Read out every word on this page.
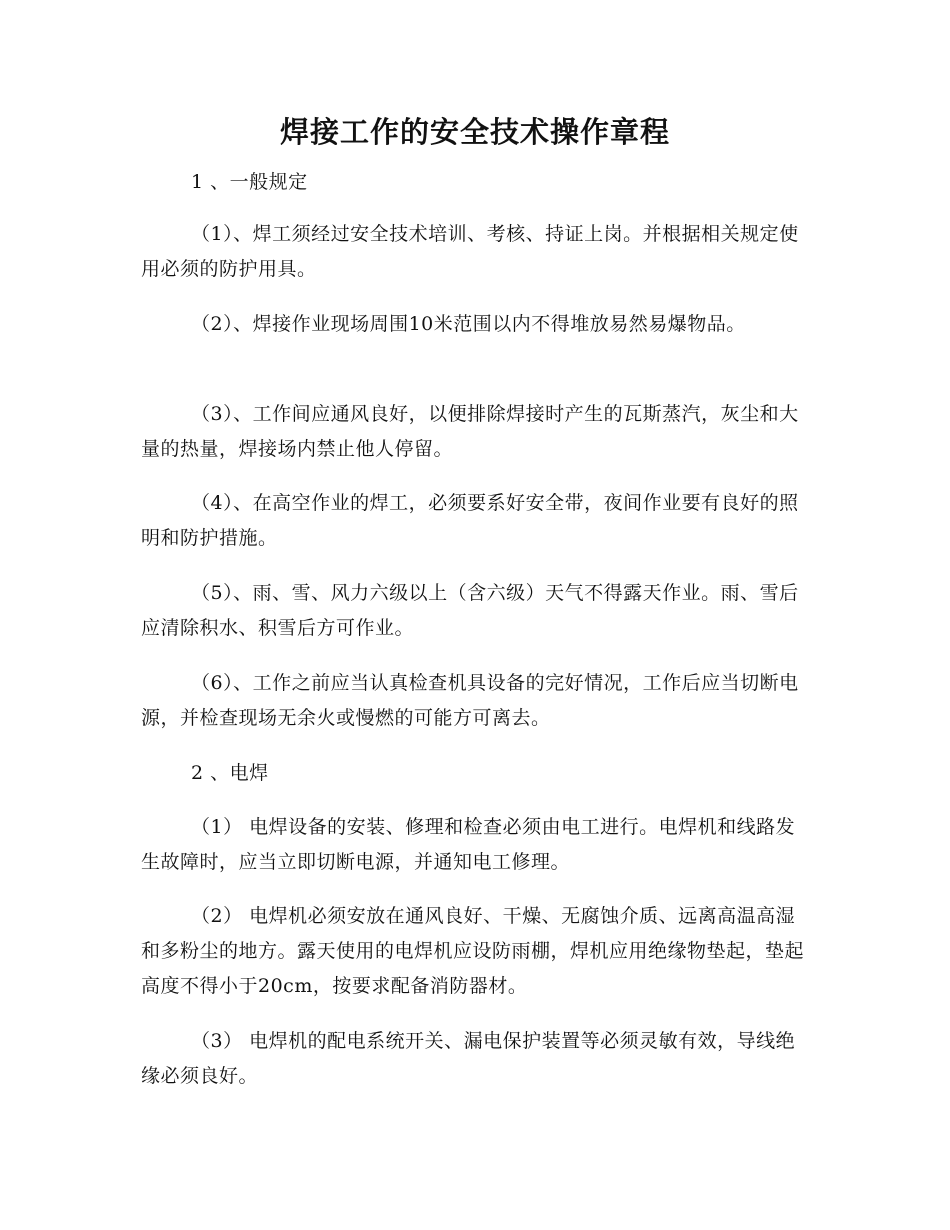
焊接工作的安全技术操作章程

1 、一般规定

（1）、焊工须经过安全技术培训、考核、持证上岗。并根据相关规定使用必须的防护用具。

（2）、焊接作业现场周围10米范围以内不得堆放易然易爆物品。

（3）、工作间应通风良好，以便排除焊接时产生的瓦斯蒸汽，灰尘和大量的热量，焊接场内禁止他人停留。

（4）、在高空作业的焊工，必须要系好安全带，夜间作业要有良好的照明和防护措施。

（5）、雨、雪、风力六级以上（含六级）天气不得露天作业。雨、雪后应清除积水、积雪后方可作业。

（6）、工作之前应当认真检查机具设备的完好情况，工作后应当切断电源，并检查现场无余火或慢燃的可能方可离去。

2 、电焊

（1） 电焊设备的安装、修理和检查必须由电工进行。电焊机和线路发生故障时，应当立即切断电源，并通知电工修理。

（2） 电焊机必须安放在通风良好、干燥、无腐蚀介质、远离高温高湿和多粉尘的地方。露天使用的电焊机应设防雨棚，焊机应用绝缘物垫起，垫起高度不得小于20cm，按要求配备消防器材。

（3） 电焊机的配电系统开关、漏电保护装置等必须灵敏有效，导线绝缘必须良好。
